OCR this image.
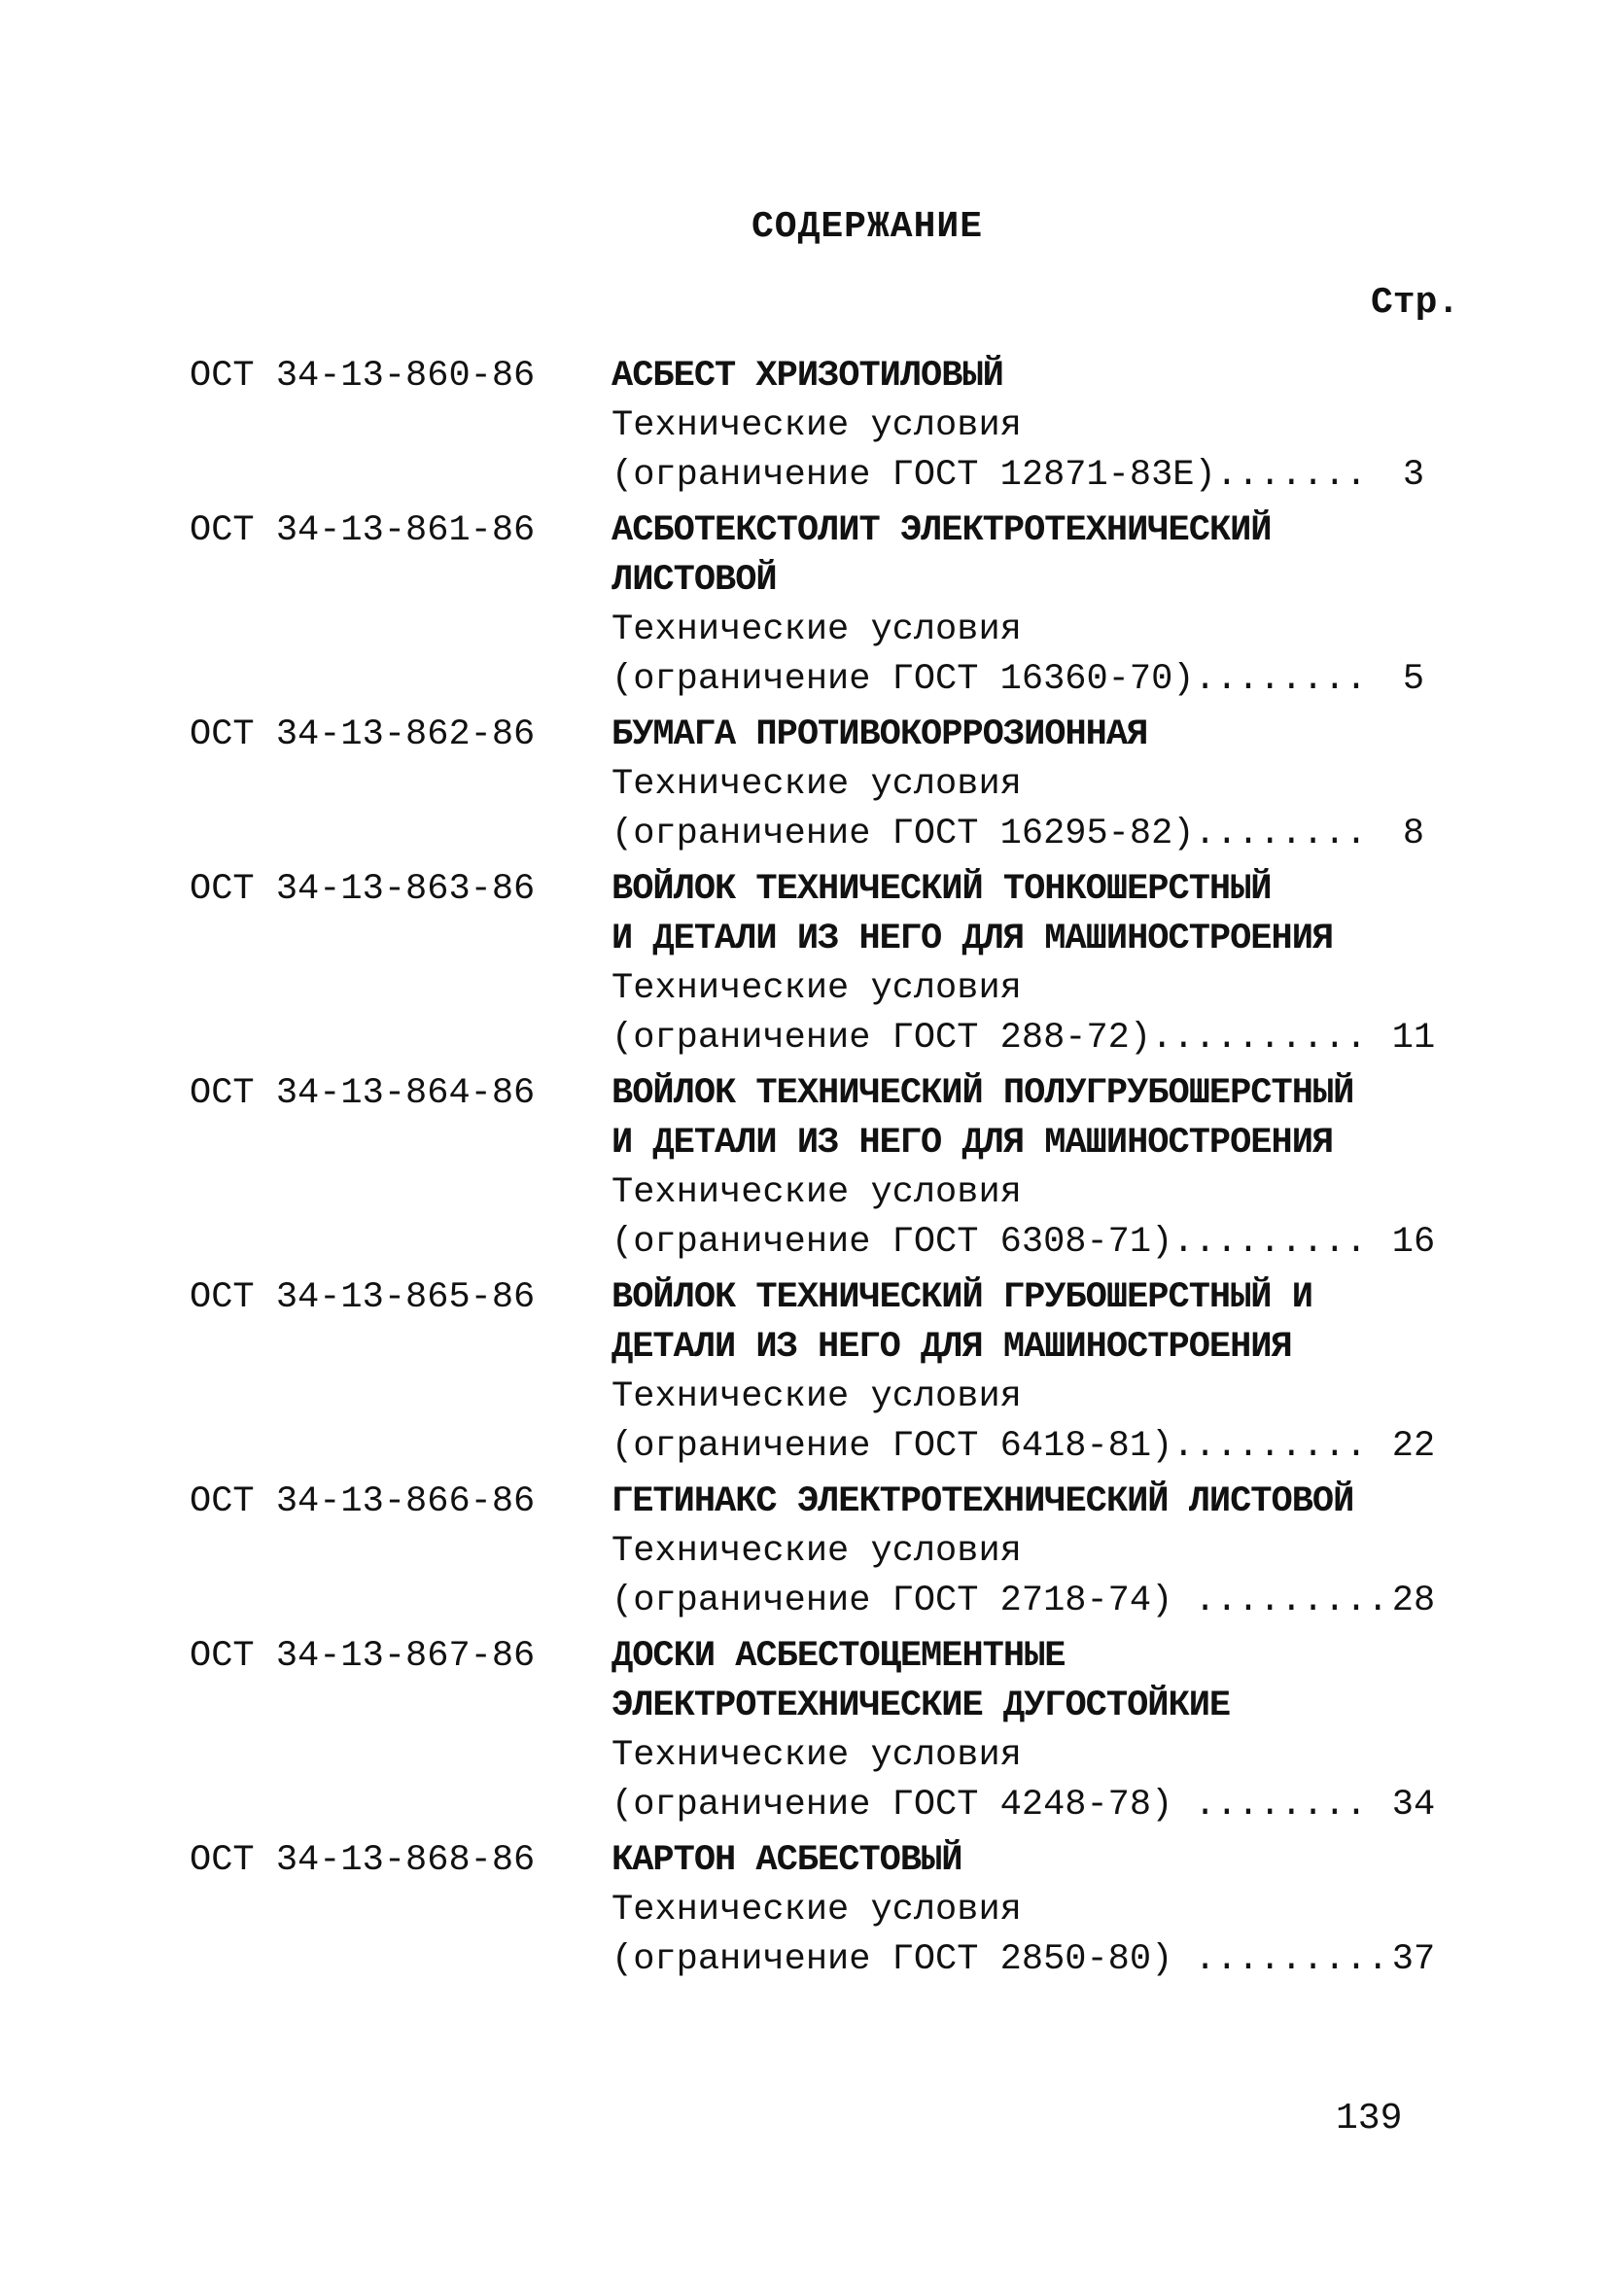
СОДЕРЖАНИЕ
Стр.
ОСТ 34-13-860-86 АСБЕСТ ХРИЗОТИЛОВЫЙ
Технические условия
(ограничение ГОСТ 12871-83Е)....... 3
ОСТ 34-13-861-86 АСБОТЕКСТОЛИТ ЭЛЕКТРОТЕХНИЧЕСКИЙ
ЛИСТОВОЙ
Технические условия
(ограничение ГОСТ 16360-70)........ 5
ОСТ 34-13-862-86 БУМАГА ПРОТИВОКОРРОЗИОННАЯ
Технические условия
(ограничение ГОСТ 16295-82)........ 8
ОСТ 34-13-863-86 ВОЙЛОК ТЕХНИЧЕСКИЙ ТОНКОШЕРСТНЫЙ
И ДЕТАЛИ ИЗ НЕГО ДЛЯ МАШИНОСТРОЕНИЯ
Технические условия
(ограничение ГОСТ 288-72).......... 11
ОСТ 34-13-864-86 ВОЙЛОК ТЕХНИЧЕСКИЙ ПОЛУГРУБОШЕРСТНЫЙ
И ДЕТАЛИ ИЗ НЕГО ДЛЯ МАШИНОСТРОЕНИЯ
Технические условия
(ограничение ГОСТ 6308-71)......... 16
ОСТ 34-13-865-86 ВОЙЛОК ТЕХНИЧЕСКИЙ ГРУБОШЕРСТНЫЙ И
ДЕТАЛИ ИЗ НЕГО ДЛЯ МАШИНОСТРОЕНИЯ
Технические условия
(ограничение ГОСТ 6418-81)......... 22
ОСТ 34-13-866-86 ГЕТИНАКС ЭЛЕКТРОТЕХНИЧЕСКИЙ ЛИСТОВОЙ
Технические условия
(ограничение ГОСТ 2718-74) ......... 28
ОСТ 34-13-867-86 ДОСКИ АСБЕСТОЦЕМЕНТНЫЕ
ЭЛЕКТРОТЕХНИЧЕСКИЕ ДУГОСТОЙКИЕ
Технические условия
(ограничение ГОСТ 4248-78) ........ 34
ОСТ 34-13-868-86 КАРТОН АСБЕСТОВЫЙ
Технические условия
(ограничение ГОСТ 2850-80) ......... 37
139
